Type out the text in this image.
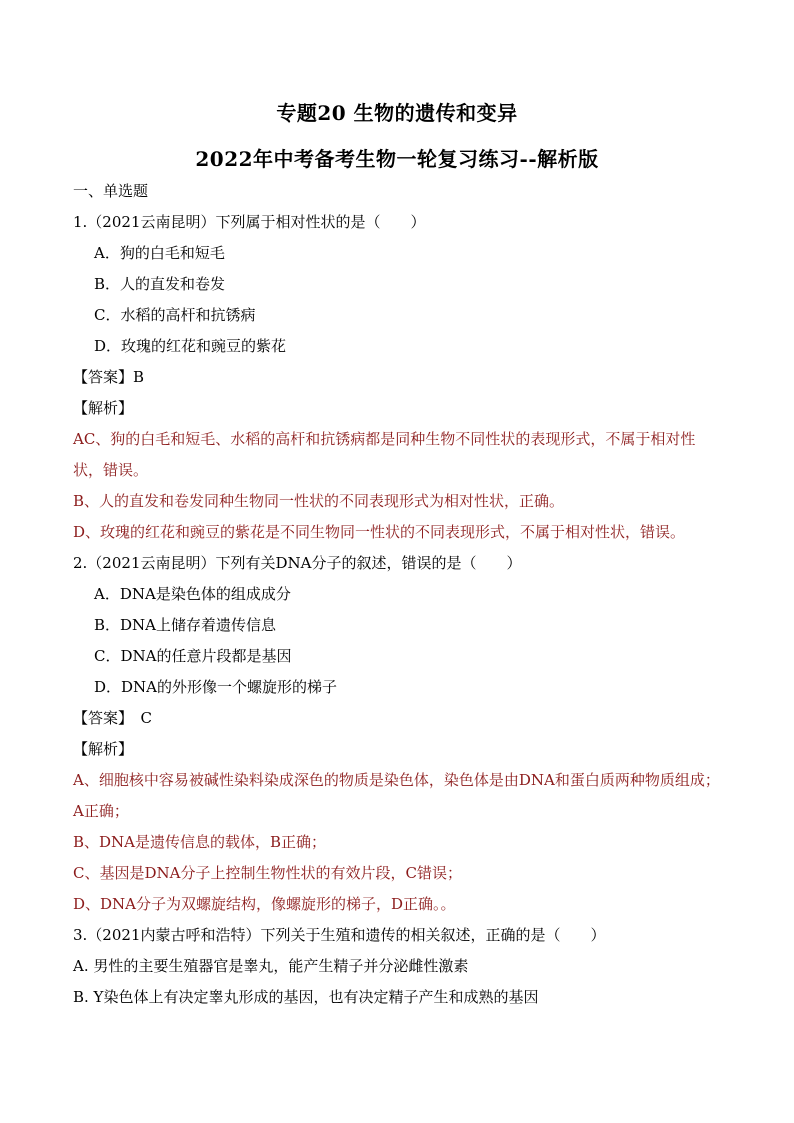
专题20 生物的遗传和变异
2022年中考备考生物一轮复习练习--解析版
一、单选题
1.（2021云南昆明）下列属于相对性状的是（　　）
A．狗的白毛和短毛
B．人的直发和卷发
C．水稻的高杆和抗锈病
D．玫瑰的红花和豌豆的紫花
【答案】B
【解析】
AC、狗的白毛和短毛、水稻的高杆和抗锈病都是同种生物不同性状的表现形式，不属于相对性状，错误。
B、人的直发和卷发同种生物同一性状的不同表现形式为相对性状，正确。
D、玫瑰的红花和豌豆的紫花是不同生物同一性状的不同表现形式，不属于相对性状，错误。
2.（2021云南昆明）下列有关DNA分子的叙述，错误的是（　　）
A．DNA是染色体的组成成分
B．DNA上储存着遗传信息
C．DNA的任意片段都是基因
D．DNA的外形像一个螺旋形的梯子
【答案】　C
【解析】
A、细胞核中容易被碱性染料染成深色的物质是染色体，染色体是由DNA和蛋白质两种物质组成；A正确；
B、DNA是遗传信息的载体，B正确；
C、基因是DNA分子上控制生物性状的有效片段，C错误；
D、DNA分子为双螺旋结构，像螺旋形的梯子，D正确。。
3.（2021内蒙古呼和浩特）下列关于生殖和遗传的相关叙述，正确的是（　　）
A. 男性的主要生殖器官是睾丸，能产生精子并分泌雌性激素
B. Y染色体上有决定睾丸形成的基因，也有决定精子产生和成熟的基因
